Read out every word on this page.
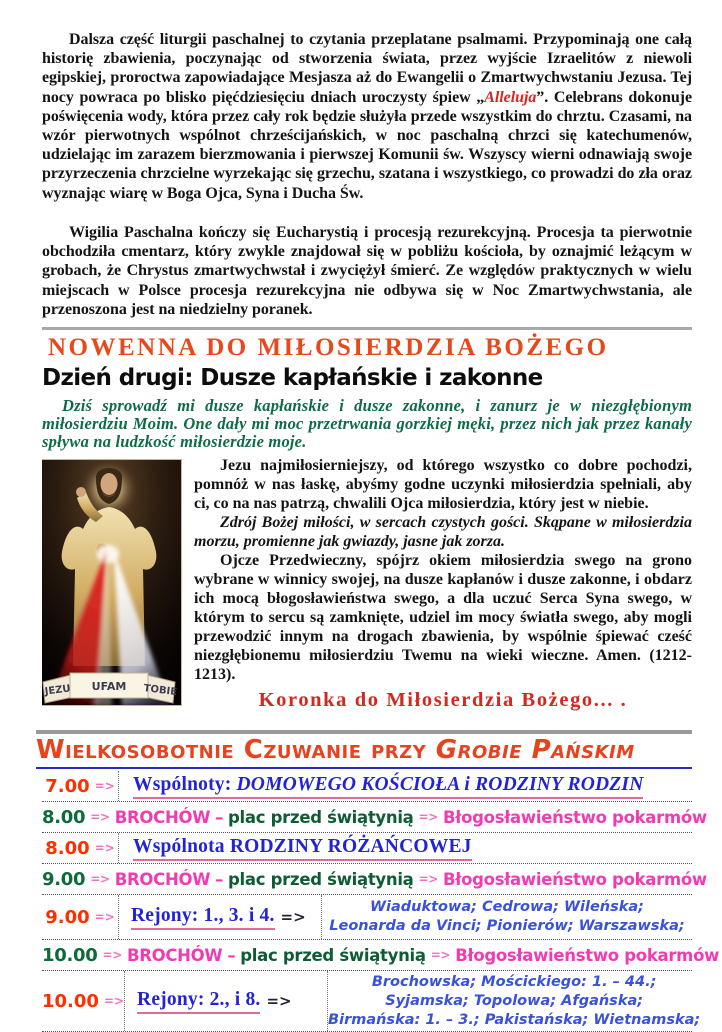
Dalsza część liturgii paschalnej to czytania przeplatane psalmami. Przypominają one całą historię zbawienia, poczynając od stworzenia świata, przez wyjście Izraelitów z niewoli egipskiej, proroctwa zapowiadające Mesjasza aż do Ewangelii o Zmartwychwstaniu Jezusa. Tej nocy powraca po blisko pięćdziesięciu dniach uroczysty śpiew „Alleluja”. Celebrans dokonuje poświęcenia wody, która przez cały rok będzie służyła przede wszystkim do chrztu. Czasami, na wzór pierwotnych wspólnot chrześcijańskich, w noc paschalną chrzci się katechumenów, udzielając im zarazem bierzmowania i pierwszej Komunii św. Wszyscy wierni odnawiają swoje przyrzeczenia chrzcielne wyrzekając się grzechu, szatana i wszystkiego, co prowadzi do zła oraz wyznając wiarę w Boga Ojca, Syna i Ducha Św.

Wigilia Paschalna kończy się Eucharystią i procesją rezurekcyjną. Procesja ta pierwotnie obchodziła cmentarz, który zwykle znajdował się w pobliżu kościoła, by oznajmić leżącym w grobach, że Chrystus zmartwychwstał i zwyciężył śmierć. Ze względów praktycznych w wielu miejscach w Polsce procesja rezurekcyjna nie odbywa się w Noc Zmartwychwstania, ale przenoszona jest na niedzielny poranek.

NOWENNA DO MIŁOSIERDZIA BOŻEGO
Dzień drugi: Dusze kapłańskie i zakonne

Dziś sprowadź mi dusze kapłańskie i dusze zakonne, i zanurz je w niezgłębionym miłosierdziu Moim. One dały mi moc przetrwania gorzkiej męki, przez nich jak przez kanały spływa na ludzkość miłosierdzie moje.

JEZU UFAM TOBIE

Jezu najmiłosierniejszy, od którego wszystko co dobre pochodzi, pomnóż w nas łaskę, abyśmy godne uczynki miłosierdzia spełniali, aby ci, co na nas patrzą, chwalili Ojca miłosierdzia, który jest w niebie.

Zdrój Bożej miłości, w sercach czystych gości. Skąpane w miłosierdzia morzu, promienne jak gwiazdy, jasne jak zorza.

Ojcze Przedwieczny, spójrz okiem miłosierdzia swego na grono wybrane w winnicy swojej, na dusze kapłanów i dusze zakonne, i obdarz ich mocą błogosławieństwa swego, a dla uczuć Serca Syna swego, w którym to sercu są zamknięte, udziel im mocy światła swego, aby mogli przewodzić innym na drogach zbawienia, by wspólnie śpiewać cześć niezgłębionemu miłosierdziu Twemu na wieki wieczne. Amen. (1212-1213).

Koronka do Miłosierdzia Bożego... .
Wielkosobotnie Czuwanie przy Grobie Pańskim
7.00 => Wspólnoty: DOMOWEGO KOŚCIOŁA i RODZINY RODZIN
8.00 => BROCHÓW – plac przed świątynią => Błogosławieństwo pokarmów
8.00 => Wspólnota RODZINY RÓŻAŃCOWEJ
9.00 => BROCHÓW – plac przed świątynią => Błogosławieństwo pokarmów
9.00 => Rejony: 1., 3. i 4. =>
Wiaduktowa; Cedrowa; Wileńska;
Leonarda da Vinci; Pionierów; Warszawska;
10.00 => BROCHÓW – plac przed świątynią => Błogosławieństwo pokarmów
10.00 => Rejony: 2., i 8. =>
Brochowska; Mościckiego: 1. – 44.;
Syjamska; Topolowa; Afgańska;
Birmańska: 1. – 3.; Pakistańska; Wietnamska;
